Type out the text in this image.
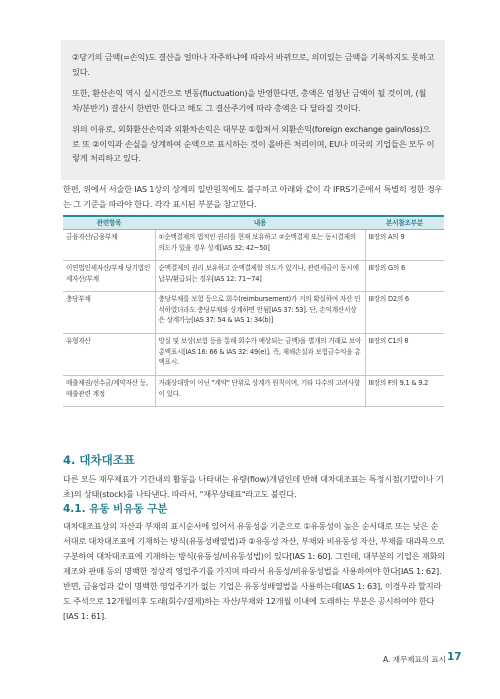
②당기의 금액(=손익)도 결산을 얼마나 자주하냐에 따라서 바뀌므로, 의미있는 금액을 기록하지도 못하고 있다.

또한, 환산손익 역시 실시간으로 변동(fluctuation)을 반영한다면, 총액은 엄청난 금액이 될 것이며, (월차/분반기) 결산시 한번만 한다고 해도 그 결산주기에 따라 총액은 다 달라질 것이다.

위의 이유로, 외화환산손익과 외환차손익은 대부분 ①합쳐서 외환손익(foreign exchange gain/loss)으로 또 ②이익과 손실을 상계하여 순액으로 표시하는 것이 올바른 처리이며, EU나 미국의 기업들은 모두 이렇게 처리하고 있다.

한편, 위에서 서술한 IAS 1상의 상계의 일반원칙에도 불구하고 아래와 같이 각 IFRS기준에서 특별히 정한 경우는 그 기준을 따라야 한다. 각각 표시된 부분을 참고한다.

관련항목	내용	본서참조부분
금융자산/금융부채	①순액결제의 법적인 권리를 현재 보유하고 ②순액결제 또는 동시결제의 의도가 있을 경우 상계[IAS 32: 42~50]	III장의 A의 9
이연법인세자산/부채 당기법인세자산/부채	순액결제의 권리 보유하고 순액결제할 의도가 있거나, 관련세금이 동시에 납부/환급되는 경우[IAS 12: 71~74]	III장의 G의 6
충당부채	충당부채를 보험 등으로 회수(reimbursement)가 거의 확실하여 자산 인식하였더라도 충당부채와 상계하면 안됨[IAS 37: 53]. 단, 손익계산서상은 상계가능[IAS 37: 54 & IAS 1: 34(b)]	III장의 D2의 6
유형자산	망실 및 보상(보험 등을 통해 회수가 예상되는 금액)을 별개의 거래로 보아 총액표시[IAS 16: 66 & IAS 32: 49(e)]. 즉, 재해손실과 보험금수익을 총액표시.	III장의 C1의 8
매출채권/선수금/계약자산 등, 매출관련 계정	거래상대방이 아닌 "계약" 단위로 상계가 원칙이며, 기타 다수의 고려사항이 있다.	III장의 F의 9.1 & 9.2
4. 대차대조표

다른 모든 재무제표가 기간내의 활동을 나타내는 유량(flow)개념인데 반해 대차대조표는 특정시점(기말이나 기초)의 상태(stock)를 나타낸다. 따라서, "재무상태표"라고도 불린다.

4.1. 유동 비유동 구분

대차대조표상의 자산과 부채의 표시순서에 있어서 유동성을 기준으로 ①유동성이 높은 순서대로 또는 낮은 순서대로 대차대조표에 기재하는 방식(유동성배열법)과 ②유동성 자산, 부채와 비유동성 자산, 부채를 대과목으로 구분하여 대차대조표에 기재하는 방식(유동성/비유동성법)이 있다[IAS 1: 60]. 그런데, 대부분의 기업은 재화의 제조와 판매 등의 명백한 정상적 영업주기를 가지며 따라서 유동성/비유동성법을 사용하여야 한다[IAS 1: 62]. 반면, 금융업과 같이 명백한 영업주기가 없는 기업은 유동성배열법을 사용하는데[IAS 1: 63], 이경우라 할지라도 주석으로 12개월이후 도래(회수/결제)하는 자산/부채와 12개월 이내에 도래하는 부분은 공시하여야 한다[IAS 1: 61].

A. 재무제표의 표시 17
